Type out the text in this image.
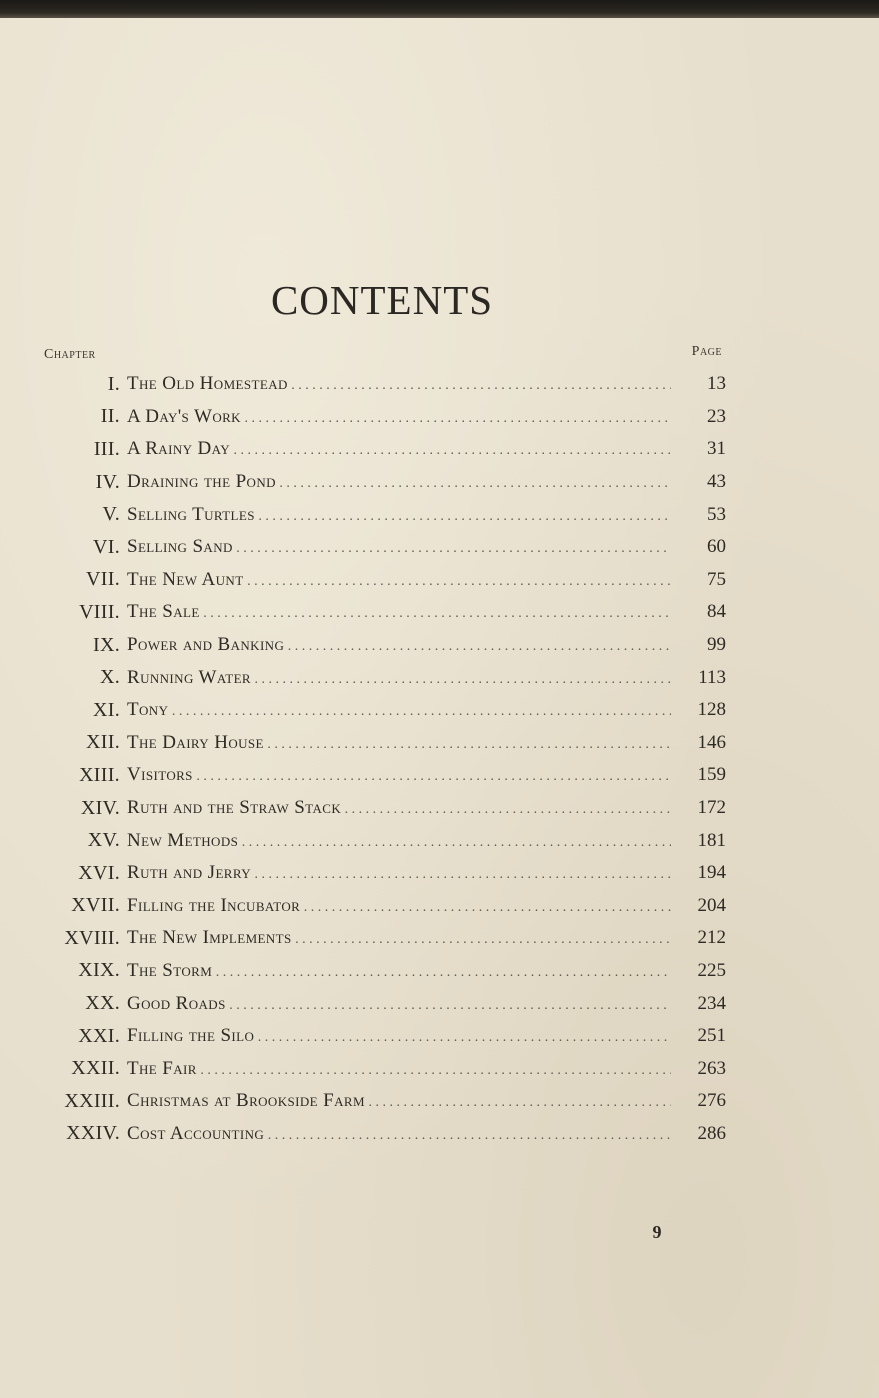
CONTENTS
Chapter	Page
I. The Old Homestead . . .	13
II. A Day's Work . . .	23
III. A Rainy Day . . .	31
IV. Draining the Pond . . .	43
V. Selling Turtles . . .	53
VI. Selling Sand . . .	60
VII. The New Aunt . . .	75
VIII. The Sale . . .	84
IX. Power and Banking . . .	99
X. Running Water . . .	113
XI. Tony . . .	128
XII. The Dairy House . . .	146
XIII. Visitors . . .	159
XIV. Ruth and the Straw Stack . . .	172
XV. New Methods . . .	181
XVI. Ruth and Jerry . . .	194
XVII. Filling the Incubator . . .	204
XVIII. The New Implements . . .	212
XIX. The Storm . . .	225
XX. Good Roads . . .	234
XXI. Filling the Silo . . .	251
XXII. The Fair . . .	263
XXIII. Christmas at Brookside Farm . . .	276
XXIV. Cost Accounting . . .	286
9
